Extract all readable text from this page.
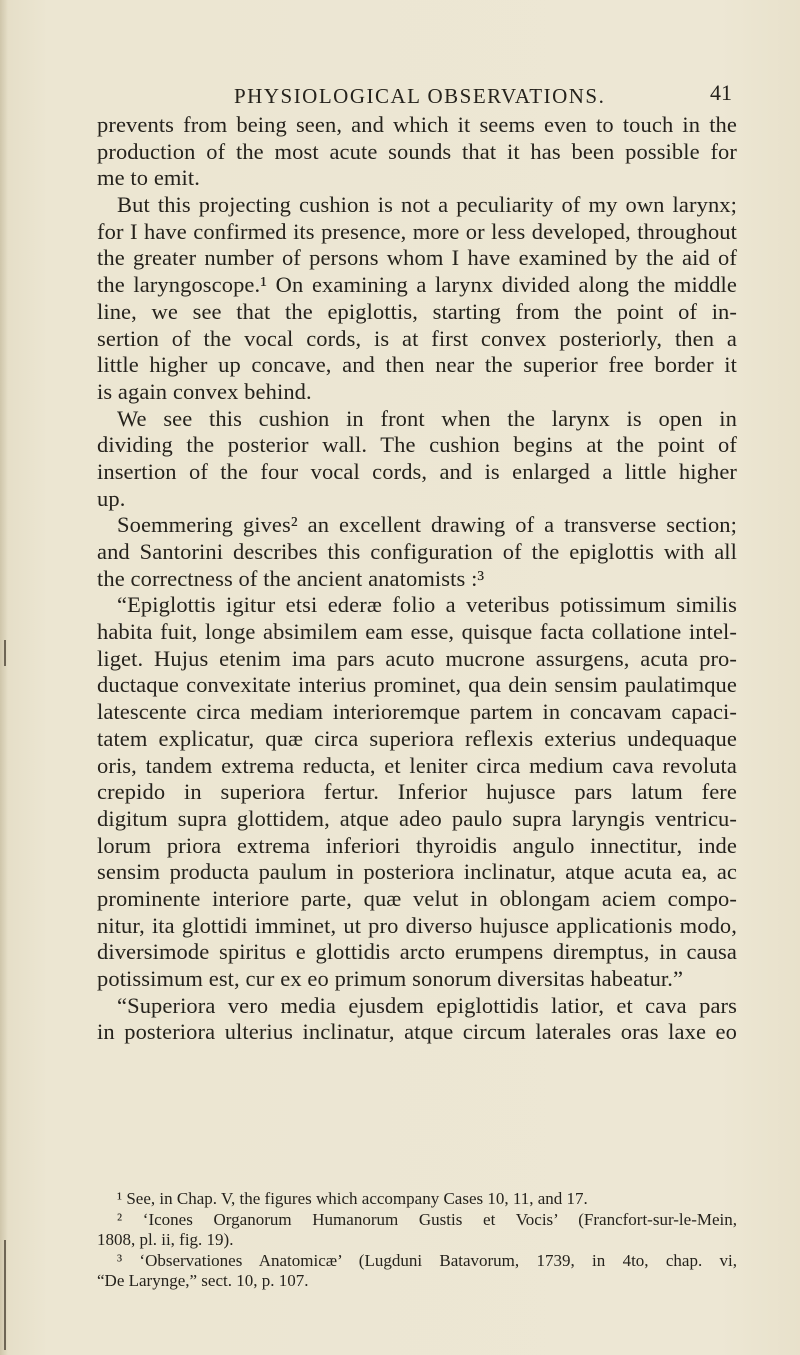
PHYSIOLOGICAL OBSERVATIONS.	41
prevents from being seen, and which it seems even to touch in the
production of the most acute sounds that it has been possible for
me to emit.
But this projecting cushion is not a peculiarity of my own larynx;
for I have confirmed its presence, more or less developed, throughout
the greater number of persons whom I have examined by the aid of
the laryngoscope.¹ On examining a larynx divided along the middle
line, we see that the epiglottis, starting from the point of in-
sertion of the vocal cords, is at first convex posteriorly, then a
little higher up concave, and then near the superior free border it
is again convex behind.
We see this cushion in front when the larynx is open in
dividing the posterior wall. The cushion begins at the point of
insertion of the four vocal cords, and is enlarged a little higher
up.
Soemmering gives² an excellent drawing of a transverse section;
and Santorini describes this configuration of the epiglottis with all
the correctness of the ancient anatomists :³
“Epiglottis igitur etsi ederæ folio a veteribus potissimum similis
habita fuit, longe absimilem eam esse, quisque facta collatione intel-
liget. Hujus etenim ima pars acuto mucrone assurgens, acuta pro-
ductaque convexitate interius prominet, qua dein sensim paulatimque
latescente circa mediam interioremque partem in concavam capaci-
tatem explicatur, quæ circa superiora reflexis exterius undequaque
oris, tandem extrema reducta, et leniter circa medium cava revoluta
crepido in superiora fertur. Inferior hujusce pars latum fere
digitum supra glottidem, atque adeo paulo supra laryngis ventricu-
lorum priora extrema inferiori thyroidis angulo innectitur, inde
sensim producta paulum in posteriora inclinatur, atque acuta ea, ac
prominente interiore parte, quæ velut in oblongam aciem compo-
nitur, ita glottidi imminet, ut pro diverso hujusce applicationis modo,
diversimode spiritus e glottidis arcto erumpens diremptus, in causa
potissimum est, cur ex eo primum sonorum diversitas habeatur.”
“Superiora vero media ejusdem epiglottidis latior, et cava pars
in posteriora ulterius inclinatur, atque circum laterales oras laxe eo
¹ See, in Chap. V, the figures which accompany Cases 10, 11, and 17.
² ‘Icones Organorum Humanorum Gustis et Vocis’ (Francfort-sur-le-Mein,
1808, pl. ii, fig. 19).
³ ‘Observationes Anatomicæ’ (Lugduni Batavorum, 1739, in 4to, chap. vi,
“De Larynge,” sect. 10, p. 107.
